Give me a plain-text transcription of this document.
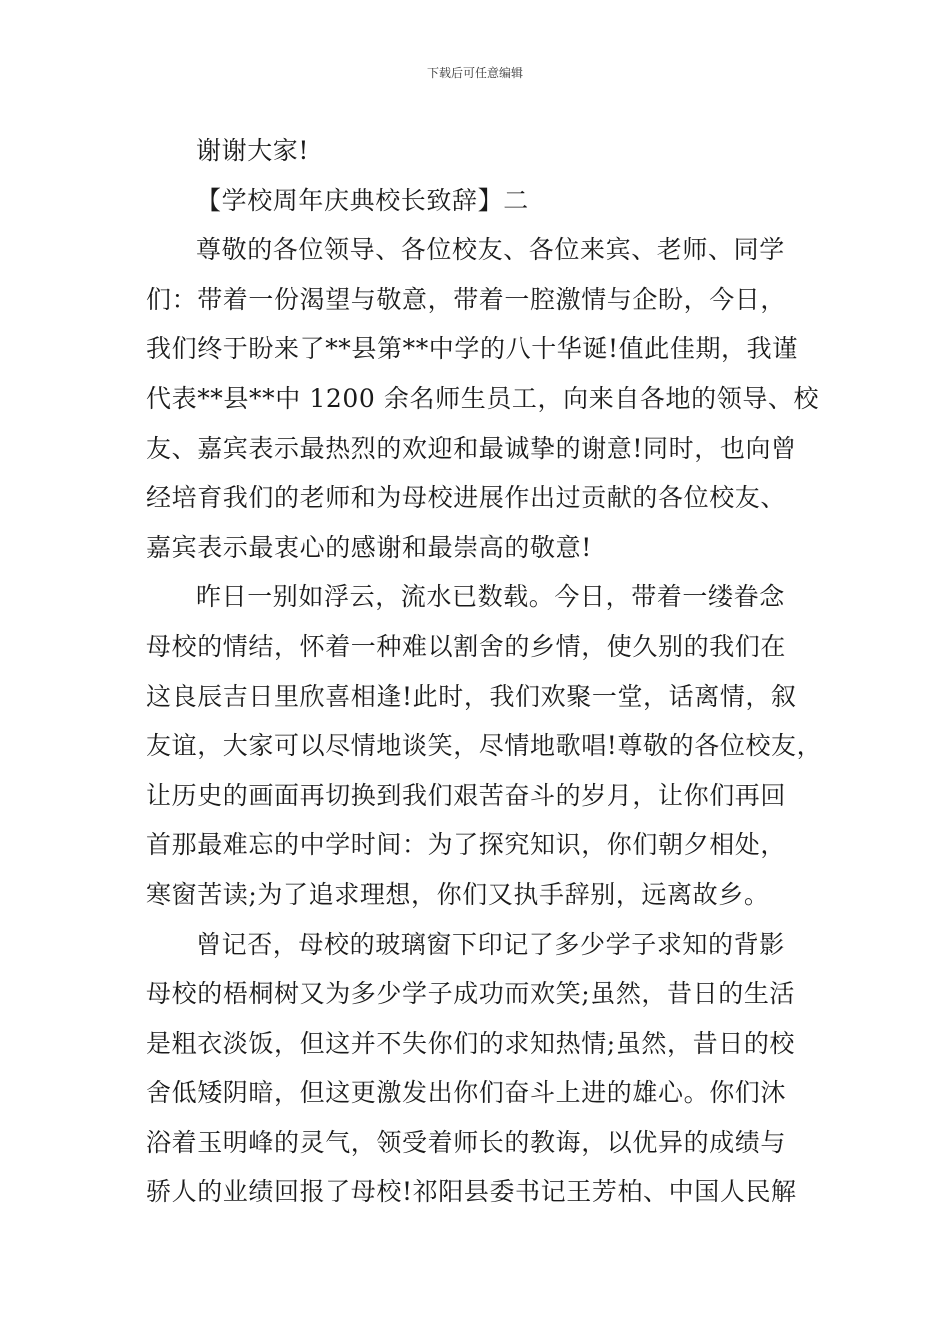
下载后可任意编辑
谢谢大家!
【学校周年庆典校长致辞】二
尊敬的各位领导、各位校友、各位来宾、老师、同学
们：带着一份渴望与敬意，带着一腔激情与企盼，今日，
我们终于盼来了**县第**中学的八十华诞!值此佳期，我谨
代表**县**中 1200 余名师生员工，向来自各地的领导、校
友、嘉宾表示最热烈的欢迎和最诚挚的谢意!同时，也向曾
经培育我们的老师和为母校进展作出过贡献的各位校友、
嘉宾表示最衷心的感谢和最崇高的敬意!
昨日一别如浮云，流水已数载。今日，带着一缕眷念
母校的情结，怀着一种难以割舍的乡情，使久别的我们在
这良辰吉日里欣喜相逢!此时，我们欢聚一堂，话离情，叙
友谊，大家可以尽情地谈笑，尽情地歌唱!尊敬的各位校友，
让历史的画面再切换到我们艰苦奋斗的岁月，让你们再回
首那最难忘的中学时间：为了探究知识，你们朝夕相处，
寒窗苦读;为了追求理想，你们又执手辞别，远离故乡。
曾记否，母校的玻璃窗下印记了多少学子求知的背影
母校的梧桐树又为多少学子成功而欢笑;虽然，昔日的生活
是粗衣淡饭，但这并不失你们的求知热情;虽然，昔日的校
舍低矮阴暗，但这更激发出你们奋斗上进的雄心。你们沐
浴着玉明峰的灵气，领受着师长的教诲，以优异的成绩与
骄人的业绩回报了母校!祁阳县委书记王芳柏、中国人民解
